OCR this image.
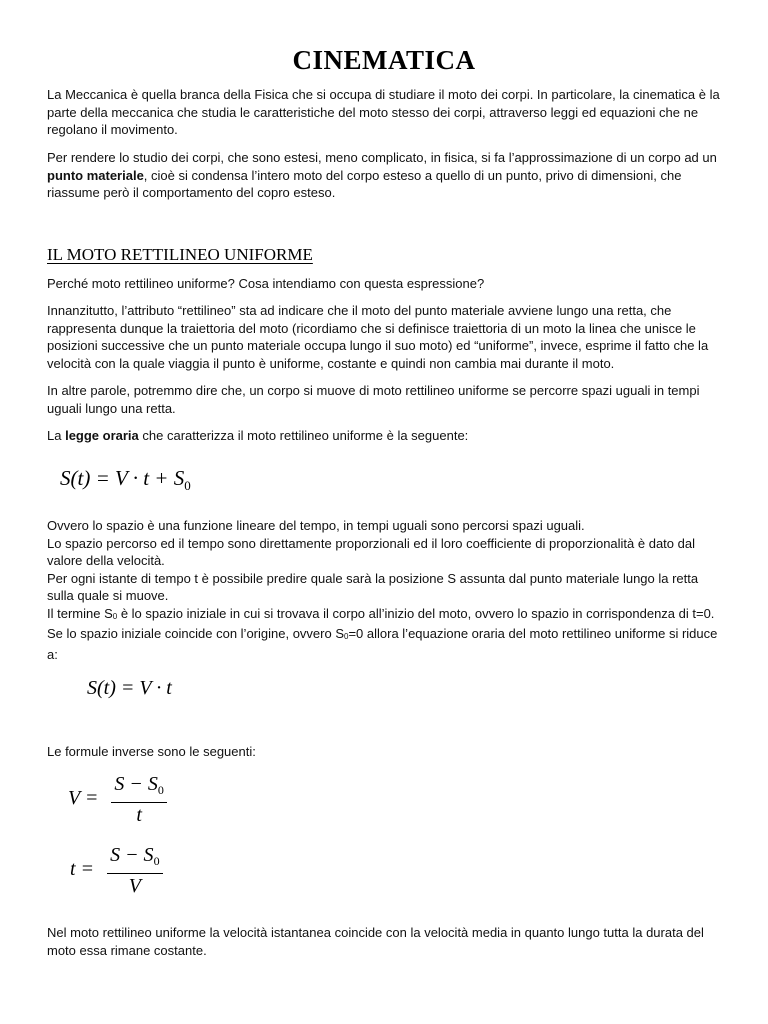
CINEMATICA

La Meccanica è quella branca della Fisica che si occupa di studiare il moto dei corpi. In particolare, la cinematica è la parte della meccanica che studia le caratteristiche del moto stesso dei corpi, attraverso leggi ed equazioni che ne regolano il movimento.

Per rendere lo studio dei corpi, che sono estesi, meno complicato, in fisica, si fa l’approssimazione di un corpo ad un punto materiale, cioè si condensa l’intero moto del corpo esteso a quello di un punto, privo di dimensioni, che riassume però il comportamento del copro esteso.

IL MOTO RETTILINEO UNIFORME

Perché moto rettilineo uniforme? Cosa intendiamo con questa espressione?

Innanzitutto, l’attributo “rettilineo” sta ad indicare che il moto del punto materiale avviene lungo una retta, che rappresenta dunque la traiettoria del moto (ricordiamo che si definisce traiettoria di un moto la linea che unisce le posizioni successive che un punto materiale occupa lungo il suo moto) ed “uniforme”, invece, esprime il fatto che la velocità con la quale viaggia il punto è uniforme, costante e quindi non cambia mai durante il moto.

In altre parole, potremmo dire che, un corpo si muove di moto rettilineo uniforme se percorre spazi uguali in tempi uguali lungo una retta.

La legge oraria che caratterizza il moto rettilineo uniforme è la seguente:

$S(t) = V \cdot t + S_0$
Ovvero lo spazio è una funzione lineare del tempo, in tempi uguali sono percorsi spazi uguali.
Lo spazio percorso ed il tempo sono direttamente proporzionali ed il loro coefficiente di proporzionalità è dato dal valore della velocità.
Per ogni istante di tempo t è possibile predire quale sarà la posizione S assunta dal punto materiale lungo la retta sulla quale si muove.
Il termine S0 è lo spazio iniziale in cui si trovava il corpo all’inizio del moto, ovvero lo spazio in corrispondenza di t=0.
Se lo spazio iniziale coincide con l’origine, ovvero S0=0 allora l’equazione oraria del moto rettilineo uniforme si riduce a:
S(t) = V · t

Le formule inverse sono le seguenti:

$V = \frac{S - S_0}{t}$
$t = \frac{S - S_0}{V}$

Nel moto rettilineo uniforme la velocità istantanea coincide con la velocità media in quanto lungo tutta la durata del moto essa rimane costante.
